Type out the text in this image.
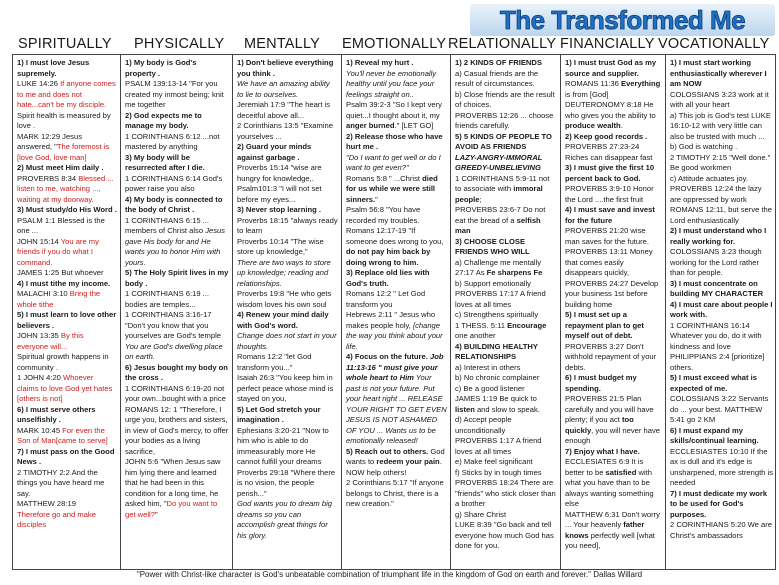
The Transformed Me
SPIRITUALLY PHYSICALLY MENTALLY EMOTIONALLY RELATIONALLY FINANCIALLY VOCATIONALLY

1) I must love Jesus supremely.

LUKE 14:26 If anyone comes to me and does not hate...can't be my disciple.

Spirit health is measured by love .

MARK 12:29 Jesus answered, "The foremost is [love God, love man]

2) Must meet Him daily .

PROVERBS 8:34 Blessed ... listen to me, watching ..., waiting at my doorway.

3) Must study/do His Word .

PSALM 1:1 Blessed is the one ...

JOHN 15:14 You are my friends if you do what I command.

JAMES 1:25 But whoever

4) I must tithe my income.

MALACHI 3:10 Bring the whole tithe

5) I must learn to love other believers .

JOHN 13:35 By this everyone will...

Spiritual growth happens in community .

1 JOHN 4:20 Whoever claims to love God yet hates [others is not]

6) I must serve others unselfishly .

MARK 10:45 For even the Son of Man[came to serve]

7) I must pass on the Good News .

2 TIMOTHY 2:2 And the things you have heard me say.

MATTHEW 28:19

Therefore go and make disciples

1) My body is God's property .

PSALM 139:13-14 "For you created my inmost being; knit me together

2) God expects me to manage my body.

1 CORINTHIANS 6:12 ...not mastered by anything

3) My body will be resurrected after I die.

1 CORINTHIANS 6:14 God's power raise you also

4) My body is connected to the body of Christ .

1 CORINTHIANS 6:15 ... members of Christ also Jesus gave His body for and He wants you to honor Him with yours.

5) The Holy Spirit lives in my body .

1 CORINTHIANS 6:19 ... bodies are temples...

1 CORINTHIANS 3:16-17 "Don't you know that you yourselves are God's temple You are God's dwelling place on earth.

6) Jesus bought my body on the cross .

1 CORINTHIANS 6:19-20 not your own...bought with a price

ROMANS 12: 1 "Therefore, I urge you, brothers and sisters, in view of God's mercy, to offer your bodies as a living sacrifice,

JOHN 5:6 "When Jesus saw him lying there and learned that he had been in this condition for a long time, he asked him, "Do you want to get well?"

1) Don't believe everything you think .

We have an amazing ability to lie to ourselves.

Jeremiah 17:9 "The heart is deceitful above all...

2 Corinthians 13:5 "Examine yourselves ...

2) Guard your minds against garbage .

Proverbs 15:14 "wise are hungry for knowledge,.

Psalm101:3 "I will not set before my eyes...

3) Never stop learning .

Proverbs 18:15 "always ready to learn

Proverbs 10:14 "The wise store up knowledge,"

There are two ways to store up knowledge; reading and relationships.

Proverbs 19:8 "He who gets wisdom loves his own soul

4) Renew your mind daily with God's word.

Change does not start in your thoughts.

Romans 12:2 "let God transform you..."

Isaiah 26:3 "You keep him in perfect peace whose mind is stayed on you,

5) Let God stretch your imagination .

Ephesians 3:20-21 "Now to him who is able to do immeasurably more He cannot fulfill your dreams Proverbs 29:18 "Where there is no vision, the people perish..."

God wants you to dream big dreams so you can accomplish great things for his glory.

1) Reveal my hurt .

You'll never be emotionally healthy until you face your feelings straight on..

Psalm 39:2-3 "So I kept very quiet...I thought about it, my anger burned." [LET GO]

2) Release those who have hurt me .

"Do I want to get well or do I want to get even?"

Romans 5:8 " ...Christ died for us while we were still sinners."

Psalm 56:8 "You have recorded my troubles. Romans 12:17-19 "If someone does wrong to you, do not pay him back by doing wrong to him.

3) Replace old lies with God's truth.

Romans 12:2 " Let God transform you

Hebrews 2:11 " Jesus who makes people holy, [change the way you think about your life.

4) Focus on the future. Job 11:13-16 " must give your whole heart to Him Your past is not your future. Put your heart right ... RELEASE YOUR RIGHT TO GET EVEN JESUS IS NOT ASHAMED OF YOU ... Wants us to be emotionally released!

5) Reach out to others. God wants to redeem your pain. NOW help others!

2 Corinthians 5:17 "If anyone belongs to Christ, there is a new creation."

1) 2 KINDS OF FRIENDS

a) Casual friends are the result of circumstances.

b) Close friends are the result of choices.

PROVERBS 12:26 ... choose friends carefully.

5) 5 KINDS OF PEOPLE TO AVOID AS FRIENDS

LAZY-ANGRY-IMMORAL GREEDY-UNBELIEVING

1 CORINTHIANS 5:9-11 not to associate with immoral people;

PROVERBS 23:6-7 Do not eat the bread of a selfish man

3) CHOOSE CLOSE FRIENDS WHO WILL

a) Challenge me mentally

27:17 As Fe sharpens Fe

b) Support emotionally

PROVERBS 17:17 A friend loves at all times

c) Strengthens spiritually

1 THESS. 5:11 Encourage one another

4) BUILDING HEALTHY RELATIONSHIPS

a) Interest in others

b) No chronic complainer

c) Be a good listener

JAMES 1:19 Be quick to listen and slow to speak.

d) Accept people unconditionally

PROVERBS 1:17 A friend loves at all times

e) Make feel significant

f) Sticks by in tough times

PROVERBS 18:24 There are "friends" who stick closer than a brother

g) Share Christ

LUKE 8:39 "Go back and tell everyone how much God has done for you.

1) I must trust God as my source and supplier.

ROMANS 11:36 Everything is from [God]

DEUTERONOMY 8:18 He who gives you the ability to produce wealth.

2) Keep good records .

PROVERBS 27:23-24 Riches can disappear fast

3) I must give the first 10 percent back to God.

PROVERBS 3:9-10 Honor the Lord ....the first fruit

4) I must save and invest for the future

PROVERBS 21:20 wise man saves for the future. PROVERBS 13:11 Money that comes easily disappears quickly, PROVERBS 24:27 Develop your business 1st before building home

5) I must set up a repayment plan to get myself out of debt.

PROVERBS 3:27 Don't withhold repayment of your debts.

6) I must budget my spending.

PROVERBS 21:5 Plan carefully and you will have plenty; if you act too quickly, you will never have enough

7) Enjoy what I have.

ECCLESIATES 6:9 It is better to be satisfied with what you have than to be always wanting something else

MATTHEW 6:31 Don't worry ... Your heavenly father knows perfectly well [what you need],

1) I must start working enthusiastically wherever I am NOW

COLOSSIANS 3:23 work at it with all your heart

a) This job is God's test LUKE 16:10-12 with very little can also be trusted with much ...

b) God is watching .

2 TIMOTHY 2:15 "Well done." Be good workmen

c) Attitude actuates joy. PROVERBS 12:24 the lazy are oppressed by work

ROMANS 12:11, but serve the Lord enthusiastically

2) I must understand who I really working for.

COLOSSIANS 3:23 though working for the Lord rather than for people.

3) I must concentrate on building MY CHARACTER

4) I must care about people I work with.

1 CORINTHIANS 16:14 Whatever you do, do it with kindness and love

PHILIPPIANS 2:4 [prioritize] others.

5) I must exceed what is expected of me.

COLOSSIANS 3:22 Servants do ... your best. MATTHEW 5:41 go 2 KM

6) I must expand my skills/continual learning.

ECCLESIASTES 10:10 If the ax is dull and it's edge is unsharpened, more strength is needed

7) I must dedicate my work to be used for God's purposes.

2 CORINTHIANS 5:20 We are Christ's ambassadors

"Power with Christ-like character is God's unbeatable combination of triumphant life in the kingdom of God on earth and forever." Dallas Willard
